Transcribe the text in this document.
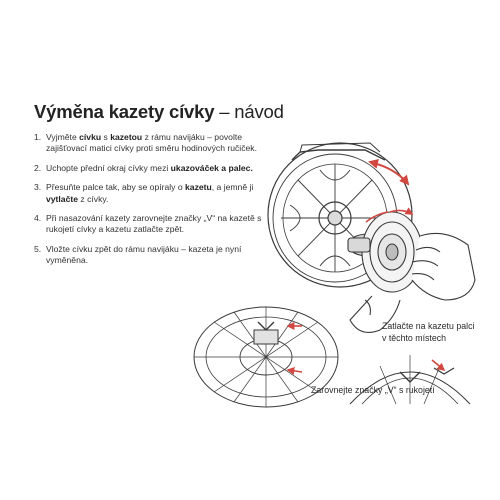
Výměna kazety cívky – návod
1. Vyjměte cívku s kazetou z rámu navijáku – povolte zajišťovací matici cívky proti směru hodinových ručiček.
2. Uchopte přední okraj cívky mezi ukazováček a palec.
3. Přesuňte palce tak, aby se opíraly o kazetu, a jemně ji vytlačte z cívky.
4. Při nasazování kazety zarovnejte značky „V“ na kazetě s rukojetí cívky a kazetu zatlačte zpět.
5. Vložte cívku zpět do rámu navijáku – kazeta je nyní vyměněna.
Zatlačte na kazetu palci
v těchto místech
Zarovnejte značky „V“ s rukojetí
